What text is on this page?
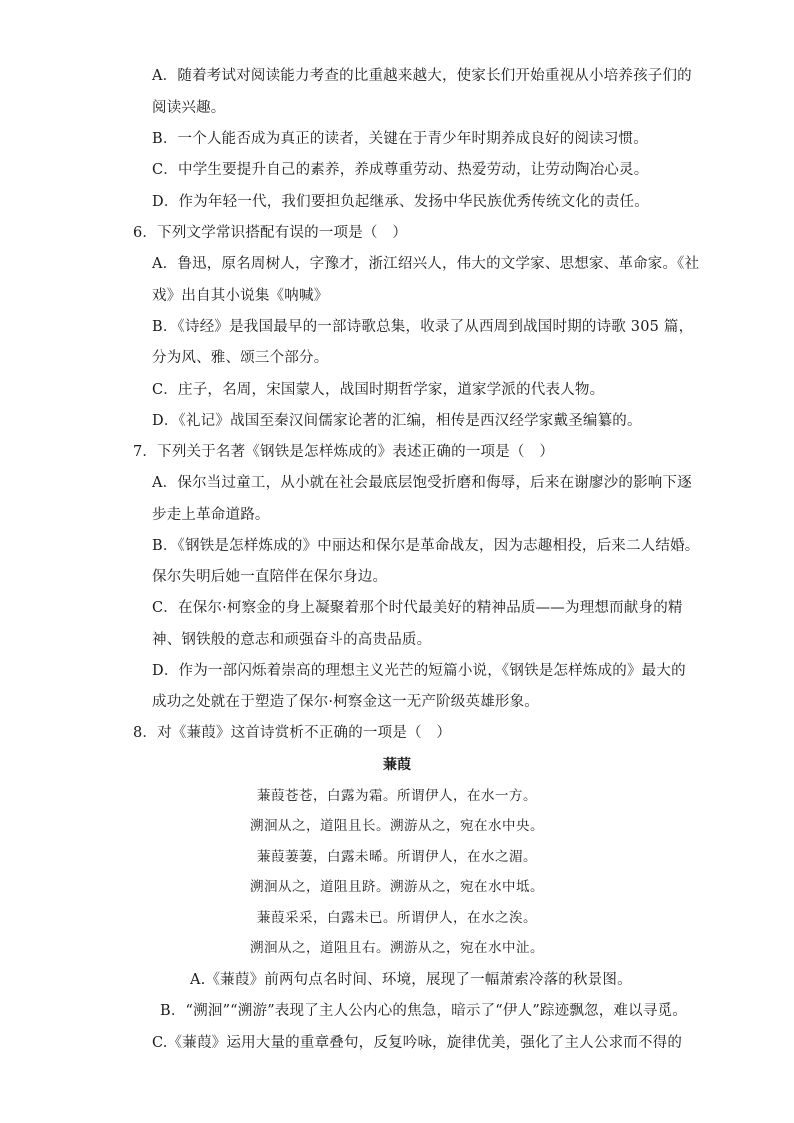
A．随着考试对阅读能力考查的比重越来越大，使家长们开始重视从小培养孩子们的
阅读兴趣。
B．一个人能否成为真正的读者，关键在于青少年时期养成良好的阅读习惯。
C．中学生要提升自己的素养，养成尊重劳动、热爱劳动，让劳动陶冶心灵。
D．作为年轻一代，我们要担负起继承、发扬中华民族优秀传统文化的责任。
6．下列文学常识搭配有误的一项是（　）
A．鲁迅，原名周树人，字豫才，浙江绍兴人，伟大的文学家、思想家、革命家。《社
戏》出自其小说集《呐喊》
B．《诗经》是我国最早的一部诗歌总集，收录了从西周到战国时期的诗歌 305 篇，
分为风、雅、颂三个部分。
C．庄子，名周，宋国蒙人，战国时期哲学家，道家学派的代表人物。
D．《礼记》战国至秦汉间儒家论著的汇编，相传是西汉经学家戴圣编纂的。
7．下列关于名著《钢铁是怎样炼成的》表述正确的一项是（　）
A．保尔当过童工，从小就在社会最底层饱受折磨和侮辱，后来在谢廖沙的影响下逐
步走上革命道路。
B．《钢铁是怎样炼成的》中丽达和保尔是革命战友，因为志趣相投，后来二人结婚。
保尔失明后她一直陪伴在保尔身边。
C．在保尔·柯察金的身上凝聚着那个时代最美好的精神品质——为理想而献身的精
神、钢铁般的意志和顽强奋斗的高贵品质。
D．作为一部闪烁着崇高的理想主义光芒的短篇小说，《钢铁是怎样炼成的》最大的
成功之处就在于塑造了保尔·柯察金这一无产阶级英雄形象。
8．对《蒹葭》这首诗赏析不正确的一项是（　）
蒹葭
蒹葭苍苍，白露为霜。所谓伊人，在水一方。
溯洄从之，道阻且长。溯游从之，宛在水中央。
蒹葭萋萋，白露未晞。所谓伊人，在水之湄。
溯洄从之，道阻且跻。溯游从之，宛在水中坻。
蒹葭采采，白露未已。所谓伊人，在水之涘。
溯洄从之，道阻且右。溯游从之，宛在水中沚。
A.《蒹葭》前两句点名时间、环境，展现了一幅萧索冷落的秋景图。
B．“溯洄”“溯游”表现了主人公内心的焦急，暗示了“伊人”踪迹飘忽，难以寻觅。
C.《蒹葭》运用大量的重章叠句，反复吟咏，旋律优美，强化了主人公求而不得的
